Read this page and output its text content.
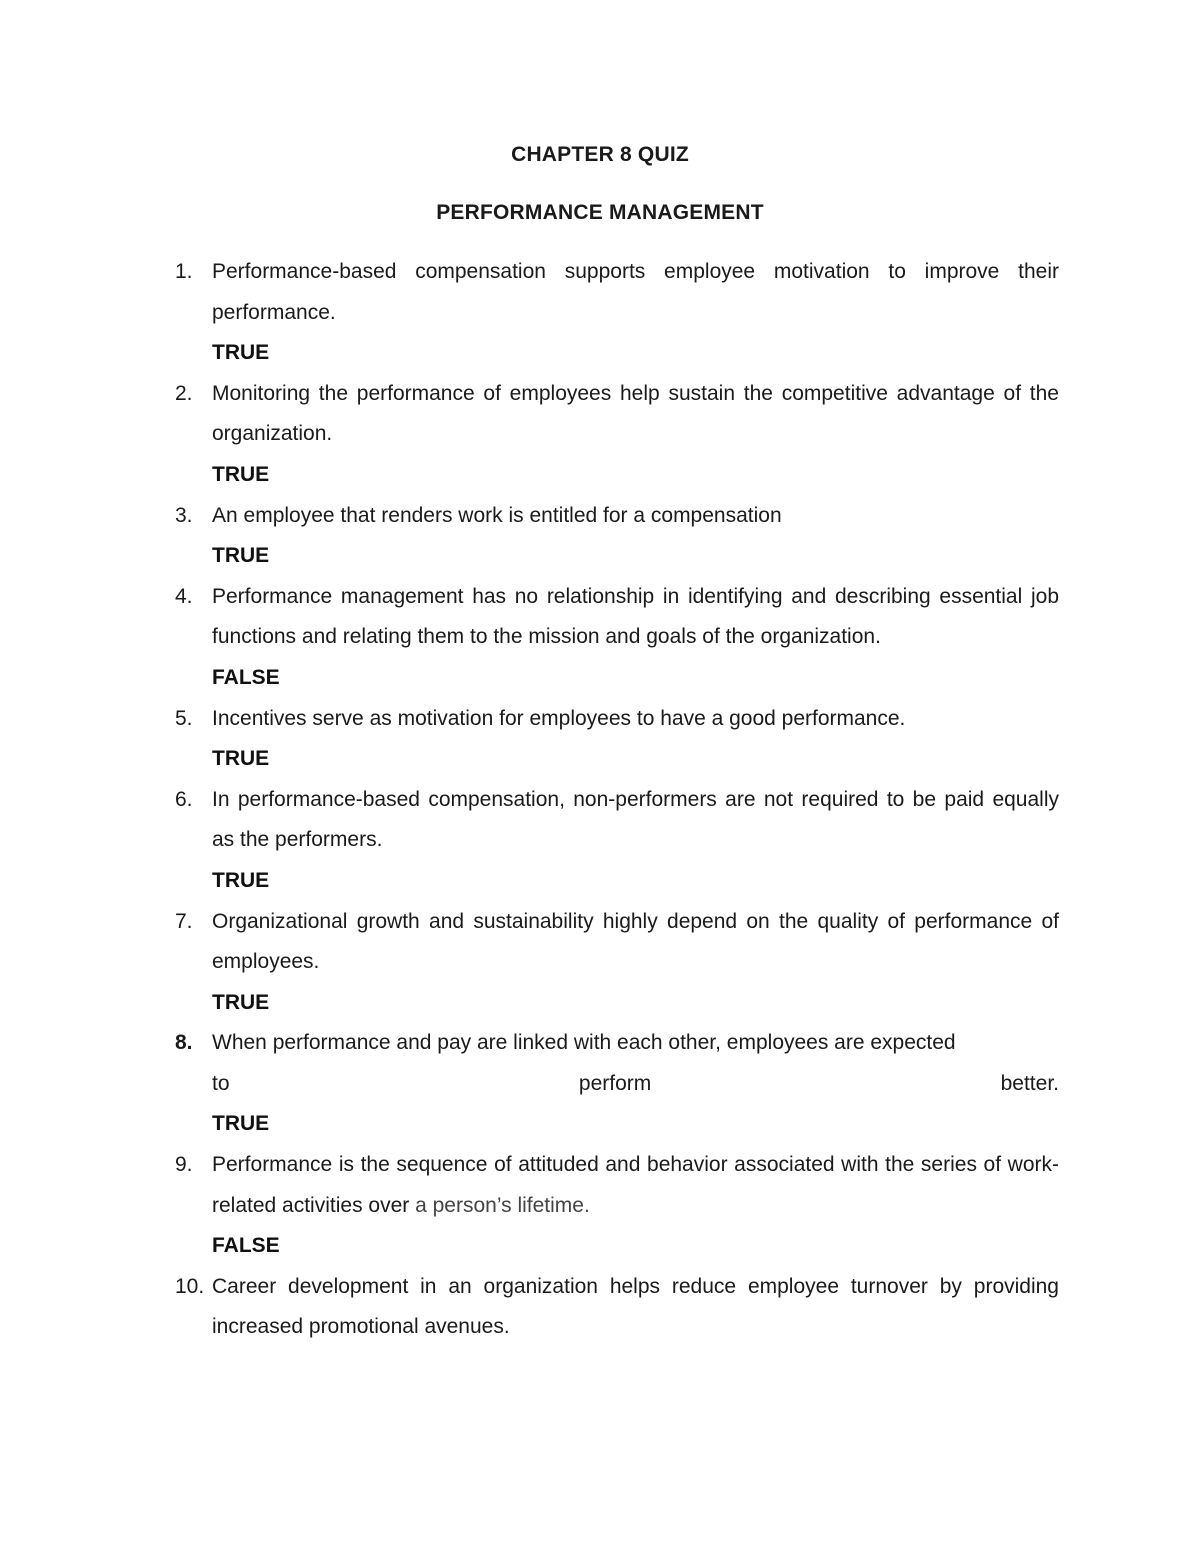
CHAPTER 8 QUIZ
PERFORMANCE MANAGEMENT
1. Performance-based compensation supports employee motivation to improve their performance.
TRUE
2. Monitoring the performance of employees help sustain the competitive advantage of the organization.
TRUE
3. An employee that renders work is entitled for a compensation
TRUE
4. Performance management has no relationship in identifying and describing essential job functions and relating them to the mission and goals of the organization.
FALSE
5. Incentives serve as motivation for employees to have a good performance.
TRUE
6. In performance-based compensation, non-performers are not required to be paid equally as the performers.
TRUE
7. Organizational growth and sustainability highly depend on the quality of performance of employees.
TRUE
8. When performance and pay are linked with each other, employees are expected
to perform better.
TRUE
9. Performance is the sequence of attituded and behavior associated with the series of work-related activities over a person’s lifetime.
FALSE
10. Career development in an organization helps reduce employee turnover by providing increased promotional avenues.
